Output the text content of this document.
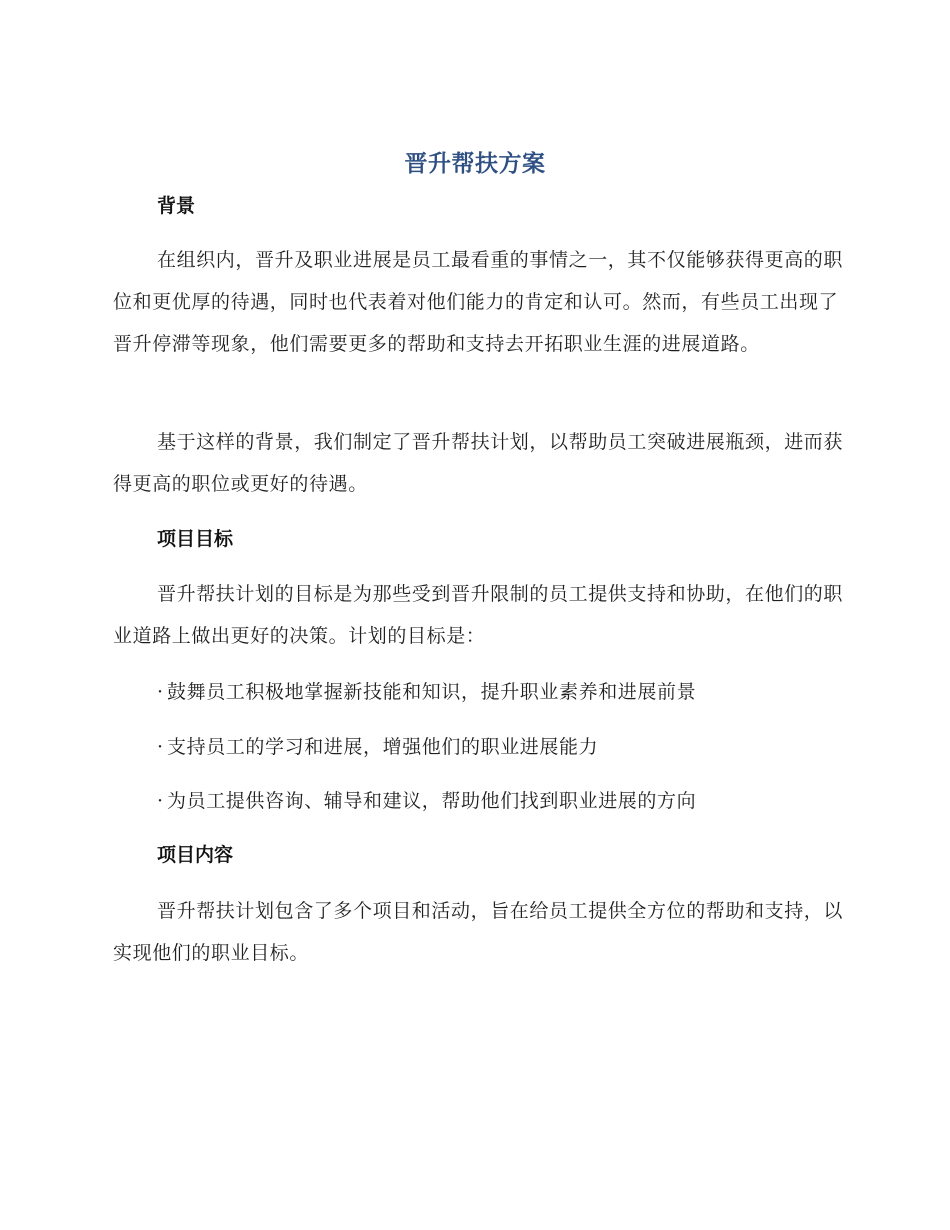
晋升帮扶方案
背景
在组织内，晋升及职业进展是员工最看重的事情之一，其不仅能够获得更高的职位和更优厚的待遇，同时也代表着对他们能力的肯定和认可。然而，有些员工出现了晋升停滞等现象，他们需要更多的帮助和支持去开拓职业生涯的进展道路。
基于这样的背景，我们制定了晋升帮扶计划，以帮助员工突破进展瓶颈，进而获得更高的职位或更好的待遇。
项目目标
晋升帮扶计划的目标是为那些受到晋升限制的员工提供支持和协助，在他们的职业道路上做出更好的决策。计划的目标是：
· 鼓舞员工积极地掌握新技能和知识，提升职业素养和进展前景
· 支持员工的学习和进展，增强他们的职业进展能力
· 为员工提供咨询、辅导和建议，帮助他们找到职业进展的方向
项目内容
晋升帮扶计划包含了多个项目和活动，旨在给员工提供全方位的帮助和支持，以实现他们的职业目标。
